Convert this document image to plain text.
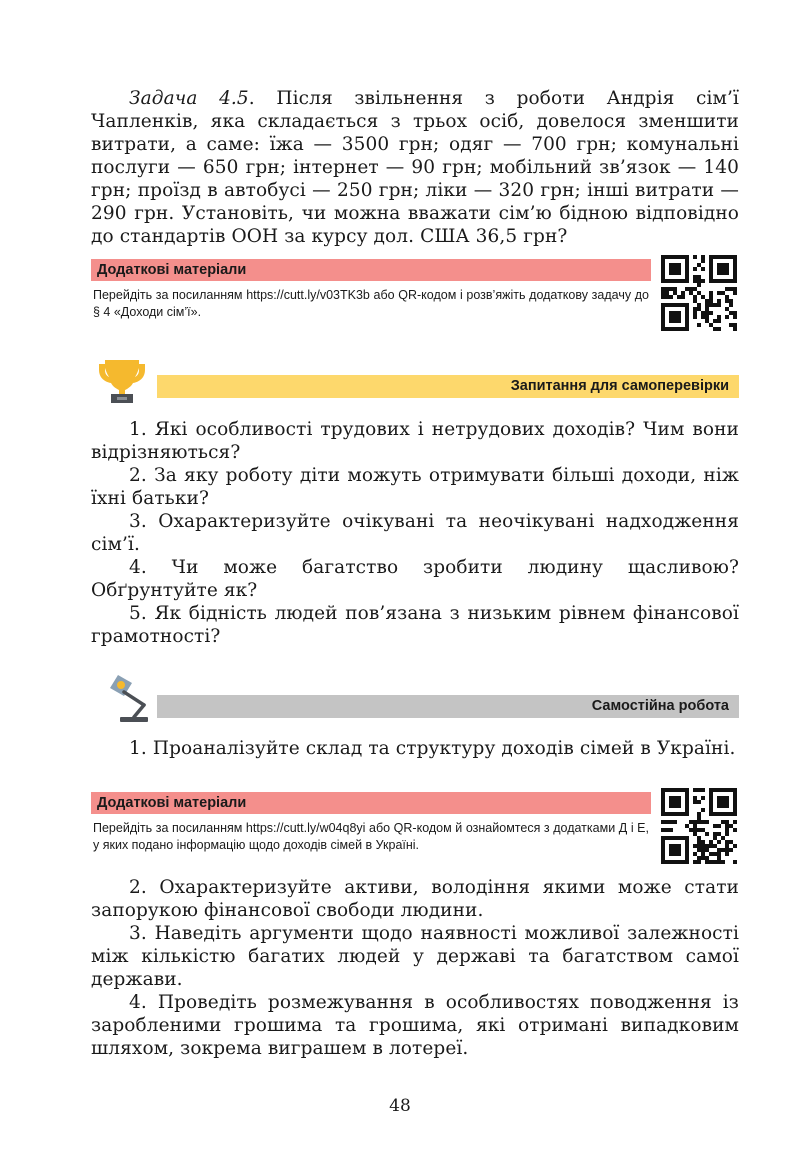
Задача 4.5. Після звільнення з роботи Андрія сім’ї Чапленків, яка складається з трьох осіб, довелося зменшити витрати, а саме: їжа — 3500 грн; одяг — 700 грн; комунальні послуги — 650 грн; інтернет — 90 грн; мобільний зв’язок — 140 грн; проїзд в автобусі — 250 грн; ліки — 320 грн; інші витрати — 290 грн. Установіть, чи можна вважати сім’ю бідною відповідно до стандартів ООН за курсу дол. США 36,5 грн?

Додаткові матеріали

Перейдіть за посиланням https://cutt.ly/v03TK3b або QR-кодом і розв’яжіть додаткову задачу до § 4 «Доходи сім’ї».

Запитання для самоперевірки

1. Які особливості трудових і нетрудових доходів? Чим вони відрізняються?

2. За яку роботу діти можуть отримувати більші доходи, ніж їхні батьки?

3. Охарактеризуйте очікувані та неочікувані надходження сім’ї.

4. Чи може багатство зробити людину щасливою? Обґрунтуйте як?

5. Як бідність людей пов’язана з низьким рівнем фінансової грамотності?

Самостійна робота

1. Проаналізуйте склад та структуру доходів сімей в Україні.

Додаткові матеріали

Перейдіть за посиланням https://cutt.ly/w04q8yi або QR-кодом й ознайомтеся з додатками Д і Е, у яких подано інформацію щодо доходів сімей в Україні.

2. Охарактеризуйте активи, володіння якими може стати запорукою фінансової свободи людини.

3. Наведіть аргументи щодо наявності можливої залежності між кількістю багатих людей у державі та багатством самої держави.

4. Проведіть розмежування в особливостях поводження із заробленими грошима та грошима, які отримані випадковим шляхом, зокрема виграшем в лотереї.

48
